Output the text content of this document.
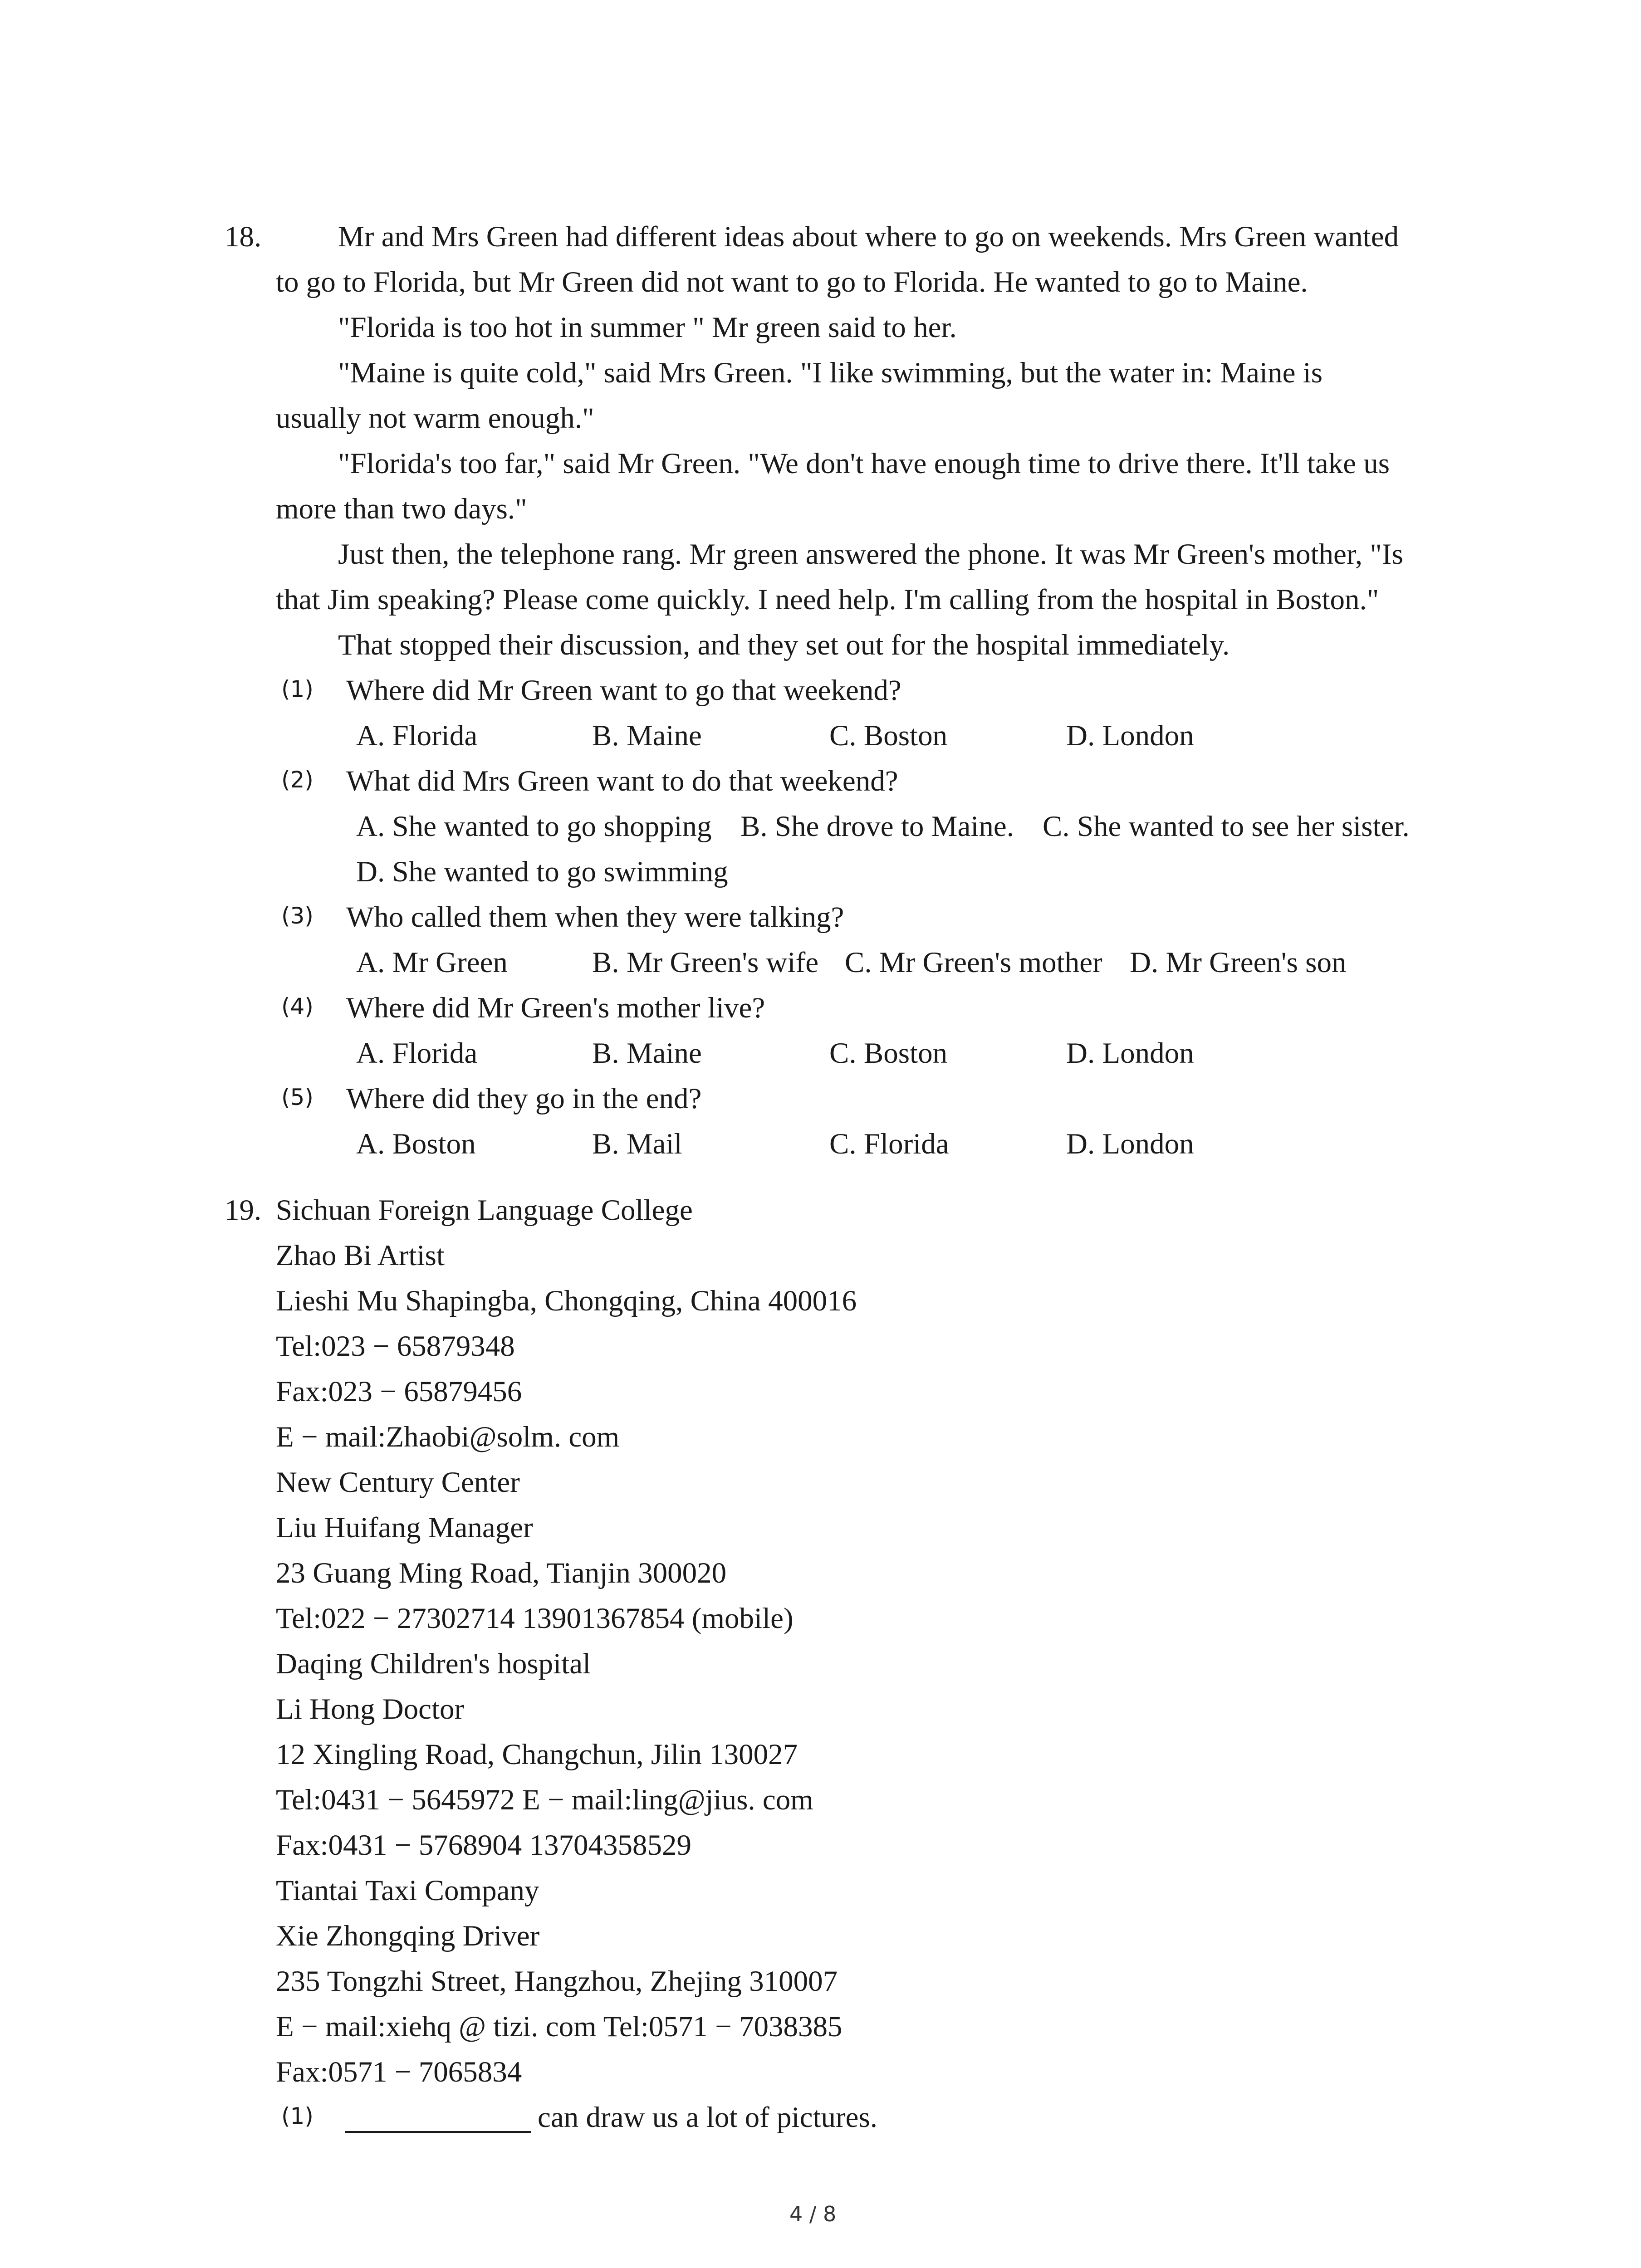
18.	Mr and Mrs Green had different ideas about where to go on weekends. Mrs Green wanted
to go to Florida, but Mr Green did not want to go to Florida. He wanted to go to Maine.
"Florida is too hot in summer " Mr green said to her.
"Maine is quite cold," said Mrs Green. "I like swimming, but the water in: Maine is
usually not warm enough."
"Florida's too far," said Mr Green. "We don't have enough time to drive there. It'll take us
more than two days."
Just then, the telephone rang. Mr green answered the phone. It was Mr Green's mother, "Is
that Jim speaking? Please come quickly. I need help. I'm calling from the hospital in Boston."
That stopped their discussion, and they set out for the hospital immediately.
(1) Where did Mr Green want to go that weekend?
A. Florida	B. Maine	C. Boston	D. London
(2) What did Mrs Green want to do that weekend?
A. She wanted to go shopping B. She drove to Maine. C. She wanted to see her sister.
D. She wanted to go swimming
(3) Who called them when they were talking?
A. Mr Green	B. Mr Green's wife C. Mr Green's mother D. Mr Green's son
(4) Where did Mr Green's mother live?
A. Florida	B. Maine	C. Boston	D. London
(5) Where did they go in the end?
A. Boston	B. Mail	C. Florida	D. London
19. Sichuan Foreign Language College
Zhao Bi Artist
Lieshi Mu Shapingba, Chongqing, China 400016
Tel:023 − 65879348
Fax:023 − 65879456
E − mail:Zhaobi@solm. com
New Century Center
Liu Huifang Manager
23 Guang Ming Road, Tianjin 300020
Tel:022 − 27302714 13901367854 (mobile)
Daqing Children's hospital
Li Hong Doctor
12 Xingling Road, Changchun, Jilin 130027
Tel:0431 − 5645972 E − mail:ling@jius. com
Fax:0431 − 5768904 13704358529
Tiantai Taxi Company
Xie Zhongqing Driver
235 Tongzhi Street, Hangzhou, Zhejing 310007
E − mail:xiehq @ tizi. com Tel:0571 − 7038385
Fax:0571 − 7065834
(1)	can draw us a lot of pictures.
4 / 8
